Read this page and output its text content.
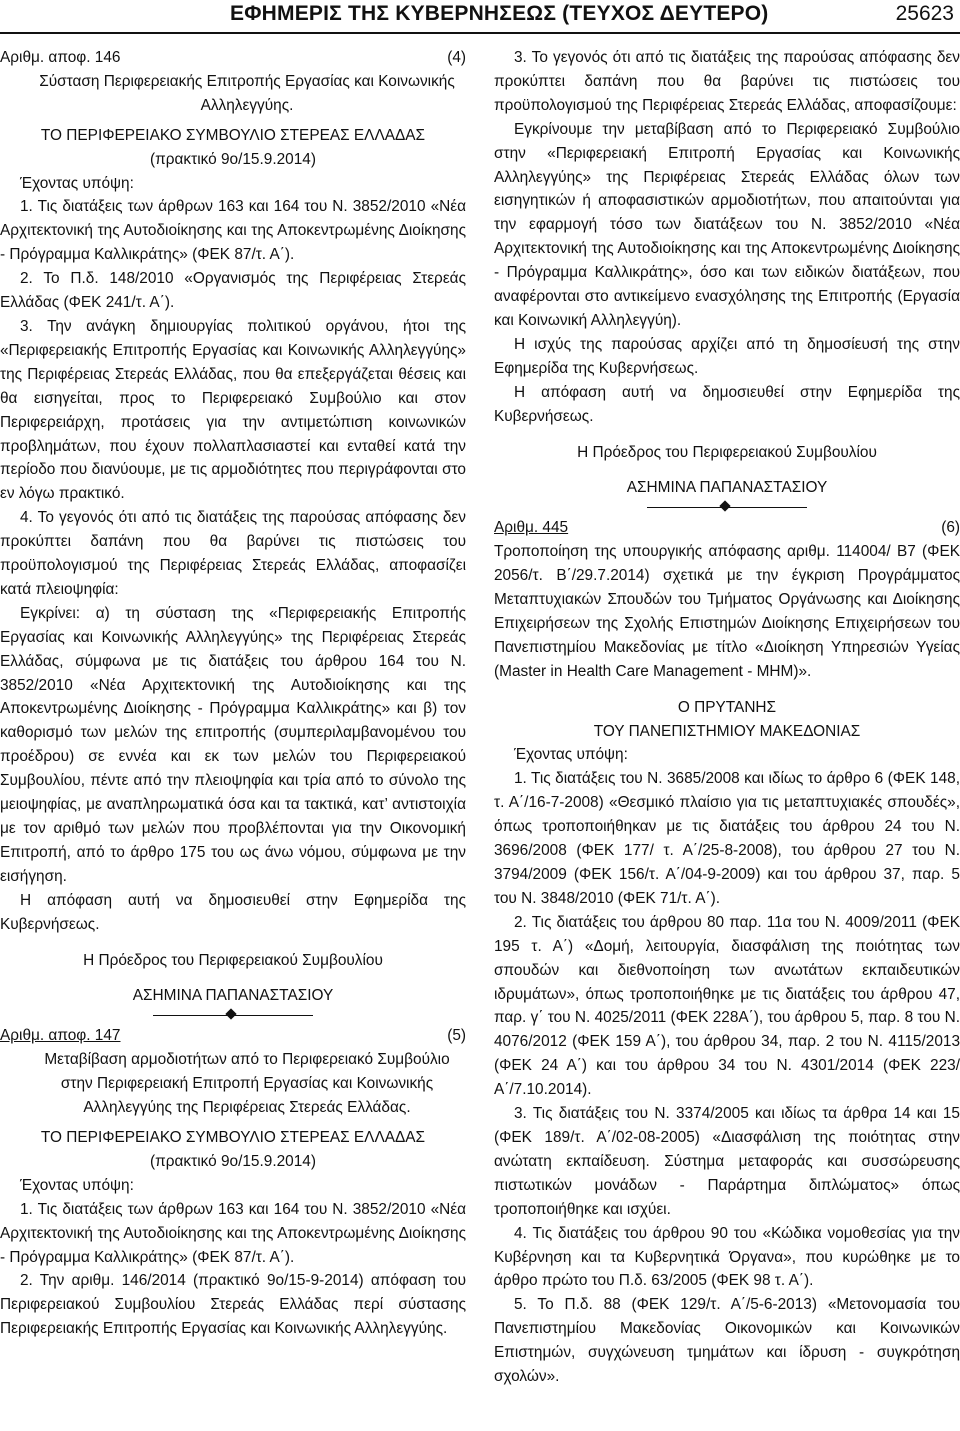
ΕΦΗΜΕΡΙΣ ΤΗΣ ΚΥΒΕΡΝΗΣΕΩΣ (ΤΕΥΧΟΣ ΔΕΥΤΕΡΟ)	25623
Αριθμ. αποφ. 146	(4)
Σύσταση Περιφερειακής Επιτροπής Εργασίας και Κοινωνικής Αλληλεγγύης.
ΤΟ ΠΕΡΙΦΕΡΕΙΑΚΟ ΣΥΜΒΟΥΛΙΟ ΣΤΕΡΕΑΣ ΕΛΛΑΔΑΣ
(πρακτικό 9ο/15.9.2014)
Έχοντας υπόψη:
1. Τις διατάξεις των άρθρων 163 και 164 του Ν. 3852/2010 «Νέα Αρχιτεκτονική της Αυτοδιοίκησης και της Αποκεντρωμένης Διοίκησης - Πρόγραμμα Καλλικράτης» (ΦΕΚ 87/τ. Α΄).
2. Το Π.δ. 148/2010 «Οργανισμός της Περιφέρειας Στερεάς Ελλάδας (ΦΕΚ 241/τ. Α΄).
3. Την ανάγκη δημιουργίας πολιτικού οργάνου, ήτοι της «Περιφερειακής Επιτροπής Εργασίας και Κοινωνικής Αλληλεγγύης» της Περιφέρειας Στερεάς Ελλάδας, που θα επεξεργάζεται θέσεις και θα εισηγείται, προς το Περιφερειακό Συμβούλιο και στον Περιφερειάρχη, προτάσεις για την αντιμετώπιση κοινωνικών προβλημάτων, που έχουν πολλαπλασιαστεί και ενταθεί κατά την περίοδο που διανύουμε, με τις αρμοδιότητες που περιγράφονται στο εν λόγω πρακτικό.
4. Το γεγονός ότι από τις διατάξεις της παρούσας απόφασης δεν προκύπτει δαπάνη που θα βαρύνει τις πιστώσεις του προϋπολογισμού της Περιφέρειας Στερεάς Ελλάδας, αποφασίζει κατά πλειοψηφία:
Εγκρίνει: α) τη σύσταση της «Περιφερειακής Επιτροπής Εργασίας και Κοινωνικής Αλληλεγγύης» της Περιφέρειας Στερεάς Ελλάδας, σύμφωνα με τις διατάξεις του άρθρου 164 του Ν. 3852/2010 «Νέα Αρχιτεκτονική της Αυτοδιοίκησης και της Αποκεντρωμένης Διοίκησης - Πρόγραμμα Καλλικράτης» και β) τον καθορισμό των μελών της επιτροπής (συμπεριλαμβανομένου του προέδρου) σε εννέα και εκ των μελών του Περιφερειακού Συμβουλίου, πέντε από την πλειοψηφία και τρία από το σύνολο της μειοψηφίας, με αναπληρωματικά όσα και τα τακτικά, κατ’ αντιστοιχία με τον αριθμό των μελών που προβλέπονται για την Οικονομική Επιτροπή, από το άρθρο 175 του ως άνω νόμου, σύμφωνα με την εισήγηση.
Η απόφαση αυτή να δημοσιευθεί στην Εφημερίδα της Κυβερνήσεως.
Η Πρόεδρος του Περιφερειακού Συμβουλίου
ΑΣΗΜΙΝΑ ΠΑΠΑΝΑΣΤΑΣΙΟΥ
Αριθμ. αποφ. 147	(5)
Μεταβίβαση αρμοδιοτήτων από το Περιφερειακό Συμβούλιο στην Περιφερειακή Επιτροπή Εργασίας και Κοινωνικής Αλληλεγγύης της Περιφέρειας Στερεάς Ελλάδας.
ΤΟ ΠΕΡΙΦΕΡΕΙΑΚΟ ΣΥΜΒΟΥΛΙΟ ΣΤΕΡΕΑΣ ΕΛΛΑΔΑΣ
(πρακτικό 9ο/15.9.2014)
Έχοντας υπόψη:
1. Τις διατάξεις των άρθρων 163 και 164 του Ν. 3852/2010 «Νέα Αρχιτεκτονική της Αυτοδιοίκησης και της Αποκεντρωμένης Διοίκησης - Πρόγραμμα Καλλικράτης» (ΦΕΚ 87/τ. Α΄).
2. Την αριθμ. 146/2014 (πρακτικό 9ο/15-9-2014) απόφαση του Περιφερειακού Συμβουλίου Στερεάς Ελλάδας περί σύστασης Περιφερειακής Επιτροπής Εργασίας και Κοινωνικής Αλληλεγγύης.
3. Το γεγονός ότι από τις διατάξεις της παρούσας απόφασης δεν προκύπτει δαπάνη που θα βαρύνει τις πιστώσεις του προϋπολογισμού της Περιφέρειας Στερεάς Ελλάδας, αποφασίζουμε:
Εγκρίνουμε την μεταβίβαση από το Περιφερειακό Συμβούλιο στην «Περιφερειακή Επιτροπή Εργασίας και Κοινωνικής Αλληλεγγύης» της Περιφέρειας Στερεάς Ελλάδας όλων των εισηγητικών ή αποφασιστικών αρμοδιοτήτων, που απαιτούνται για την εφαρμογή τόσο των διατάξεων του Ν. 3852/2010 «Νέα Αρχιτεκτονική της Αυτοδιοίκησης και της Αποκεντρωμένης Διοίκησης - Πρόγραμμα Καλλικράτης», όσο και των ειδικών διατάξεων, που αναφέρονται στο αντικείμενο ενασχόλησης της Επιτροπής (Εργασία και Κοινωνική Αλληλεγγύη).
Η ισχύς της παρούσας αρχίζει από τη δημοσίευσή της στην Εφημερίδα της Κυβερνήσεως.
Η απόφαση αυτή να δημοσιευθεί στην Εφημερίδα της Κυβερνήσεως.
Η Πρόεδρος του Περιφερειακού Συμβουλίου
ΑΣΗΜΙΝΑ ΠΑΠΑΝΑΣΤΑΣΙΟΥ
Αριθμ. 445	(6)
Τροποποίηση της υπουργικής απόφασης αριθμ. 114004/ Β7 (ΦΕΚ 2056/τ. Β΄/29.7.2014) σχετικά με την έγκριση Προγράμματος Μεταπτυχιακών Σπουδών του Τμήματος Οργάνωσης και Διοίκησης Επιχειρήσεων της Σχολής Επιστημών Διοίκησης Επιχειρήσεων του Πανεπιστημίου Μακεδονίας με τίτλο «Διοίκηση Υπηρεσιών Υγείας (Master in Health Care Management - ΜΗΜ)».
Ο ΠΡΥΤΑΝΗΣ
ΤΟΥ ΠΑΝΕΠΙΣΤΗΜΙΟΥ ΜΑΚΕΔΟΝΙΑΣ
Έχοντας υπόψη:
1. Τις διατάξεις του Ν. 3685/2008 και ιδίως το άρθρο 6 (ΦΕΚ 148, τ. Α΄/16-7-2008) «Θεσμικό πλαίσιο για τις μεταπτυχιακές σπουδές», όπως τροποποιήθηκαν με τις διατάξεις του άρθρου 24 του Ν. 3696/2008 (ΦΕΚ 177/ τ. Α΄/25-8-2008), του άρθρου 27 του Ν. 3794/2009 (ΦΕΚ 156/τ. Α΄/04-9-2009) και του άρθρου 37, παρ. 5 του Ν. 3848/2010 (ΦΕΚ 71/τ. Α΄).
2. Τις διατάξεις του άρθρου 80 παρ. 11α του Ν. 4009/2011 (ΦΕΚ 195 τ. Α΄) «Δομή, λειτουργία, διασφάλιση της ποιότητας των σπουδών και διεθνοποίηση των ανωτάτων εκπαιδευτικών ιδρυμάτων», όπως τροποποιήθηκε με τις διατάξεις του άρθρου 47, παρ. γ΄ του Ν. 4025/2011 (ΦΕΚ 228Α΄), του άρθρου 5, παρ. 8 του Ν. 4076/2012 (ΦΕΚ 159 Α΄), του άρθρου 34, παρ. 2 του Ν. 4115/2013 (ΦΕΚ 24 Α΄) και του άρθρου 34 του Ν. 4301/2014 (ΦΕΚ 223/Α΄/7.10.2014).
3. Τις διατάξεις του Ν. 3374/2005 και ιδίως τα άρθρα 14 και 15 (ΦΕΚ 189/τ. Α΄/02-08-2005) «Διασφάλιση της ποιότητας στην ανώτατη εκπαίδευση. Σύστημα μεταφοράς και συσσώρευσης πιστωτικών μονάδων - Παράρτημα διπλώματος» όπως τροποποιήθηκε και ισχύει.
4. Τις διατάξεις του άρθρου 90 του «Κώδικα νομοθεσίας για την Κυβέρνηση και τα Κυβερνητικά Όργανα», που κυρώθηκε με το άρθρο πρώτο του Π.δ. 63/2005 (ΦΕΚ 98 τ. Α΄).
5. Το Π.δ. 88 (ΦΕΚ 129/τ. Α΄/5-6-2013) «Μετονομασία του Πανεπιστημίου Μακεδονίας Οικονομικών και Κοινωνικών Επιστημών, συγχώνευση τμημάτων και ίδρυση - συγκρότηση σχολών».
